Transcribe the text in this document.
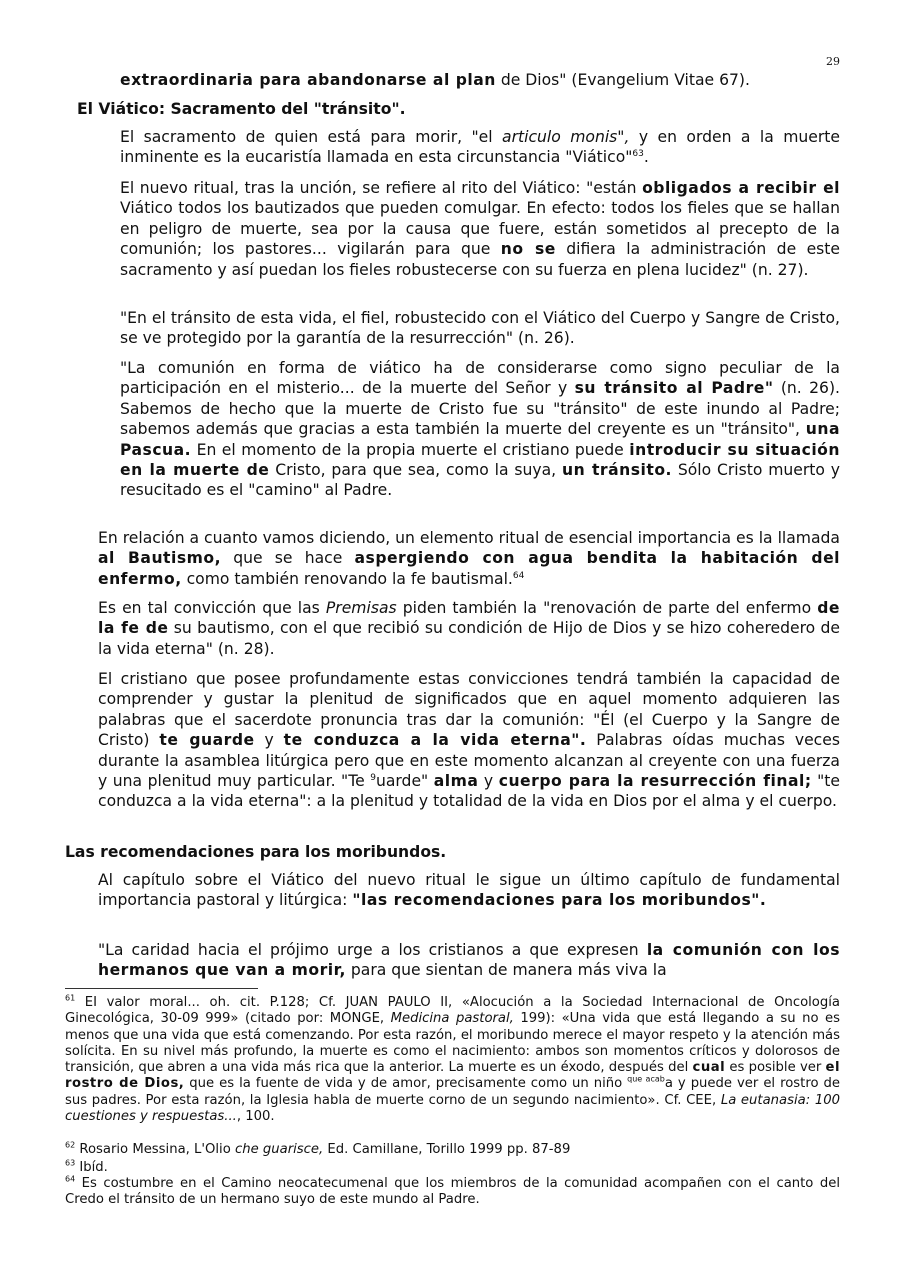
29

extraordinaria para abandonarse al plan de Dios" (Evangelium Vitae 67).

El Viático: Sacramento del "tránsito".

El sacramento de quien está para morir, "el articulo monis", y en orden a la muerte inminente es la eucaristía llamada en esta circunstancia "Viático"$^{63}$.

El nuevo ritual, tras la unción, se refiere al rito del Viático: "están obligados a recibir el Viático todos los bautizados que pueden comulgar. En efecto: todos los fieles que se hallan en peligro de muerte, sea por la causa que fuere, están sometidos al precepto de la comunión; los pastores... vigilarán para que no se difiera la administración de este sacramento y así puedan los fieles robustecerse con su fuerza en plena lucidez" (n. 27).

"En el tránsito de esta vida, el fiel, robustecido con el Viático del Cuerpo y Sangre de Cristo, se ve protegido por la garantía de la resurrección" (n. 26).

"La comunión en forma de viático ha de considerarse como signo peculiar de la participación en el misterio... de la muerte del Señor y su tránsito al Padre" (n. 26). Sabemos de hecho que la muerte de Cristo fue su "tránsito" de este inundo al Padre; sabemos además que gracias a esta también la muerte del creyente es un "tránsito", una Pascua. En el momento de la propia muerte el cristiano puede introducir su situación en la muerte de Cristo, para que sea, como la suya, un tránsito. Sólo Cristo muerto y resucitado es el "camino" al Padre.

En relación a cuanto vamos diciendo, un elemento ritual de esencial importancia es la llamada al Bautismo, que se hace aspergiendo con agua bendita la habitación del enfermo, como también renovando la fe bautismal.$^{64}$

Es en tal convicción que las Premisas piden también la "renovación de parte del enfermo de la fe de su bautismo, con el que recibió su condición de Hijo de Dios y se hizo coheredero de la vida eterna" (n. 28).

El cristiano que posee profundamente estas convicciones tendrá también la capacidad de comprender y gustar la plenitud de significados que en aquel momento adquieren las palabras que el sacerdote pronuncia tras dar la comunión: "Él (el Cuerpo y la Sangre de Cristo) te guarde y te conduzca a la vida eterna". Palabras oídas muchas veces durante la asamblea litúrgica pero que en este momento alcanzan al creyente con una fuerza y una plenitud muy particular. "Te $^9$uarde" alma y cuerpo para la resurrección final; "te conduzca a la vida eterna": a la plenitud y totalidad de la vida en Dios por el alma y el cuerpo.

Las recomendaciones para los moribundos.

Al capítulo sobre el Viático del nuevo ritual le sigue un último capítulo de fundamental importancia pastoral y litúrgica: "las recomendaciones para los moribundos".

"La caridad hacia el prójimo urge a los cristianos a que expresen la comunión con los hermanos que van a morir, para que sientan de manera más viva la

$^{61}$ EI valor moral... oh. cit. P.128; Cf. JUAN PAULO II, «Alocución a la Sociedad Internacional de Oncología Ginecológica, 30-09 999» (citado por: MONGE, Medicina pastoral, 199): «Una vida que está llegando a su no es menos que una vida que está comenzando. Por esta razón, el moribundo merece el mayor respeto y la atención más solícita. En su nivel más profundo, la muerte es como el nacimiento: ambos son momentos críticos y dolorosos de transición, que abren a una vida más rica que la anterior. La muerte es un éxodo, después del cual es posible ver el rostro de Dios, que es la fuente de vida y de amor, precisamente como un niño $^{que acab}$a y puede ver el rostro de sus padres. Por esta razón, la Iglesia habla de muerte corno de un segundo nacimiento». Cf. CEE, La eutanasia: 100 cuestiones y respuestas..., 100.

$^{62}$ Rosario Messina, L'Olio che guarisce, Ed. Camillane, Torillo 1999 pp. 87-89

$^{63}$ Ibíd.

$^{64}$ Es costumbre en el Camino neocatecumenal que los miembros de la comunidad acompañen con el canto del Credo el tránsito de un hermano suyo de este mundo al Padre.
